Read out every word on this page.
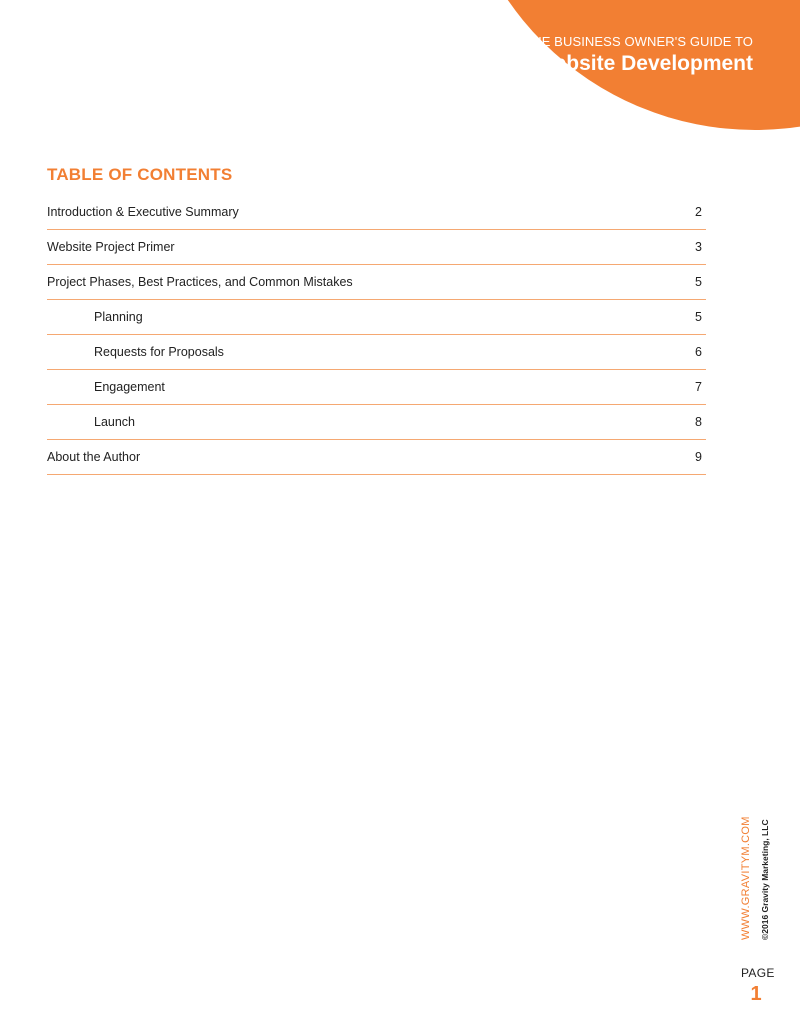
THE BUSINESS OWNER'S GUIDE TO
Website Development
TABLE OF CONTENTS
Introduction & Executive Summary	2
Website Project Primer	3
Project Phases, Best Practices, and Common Mistakes	5
Planning	5
Requests for Proposals	6
Engagement	7
Launch	8
About the Author	9
WWW.GRAVITYM.COM ©2016 Gravity Marketing, LLC
PAGE
1
